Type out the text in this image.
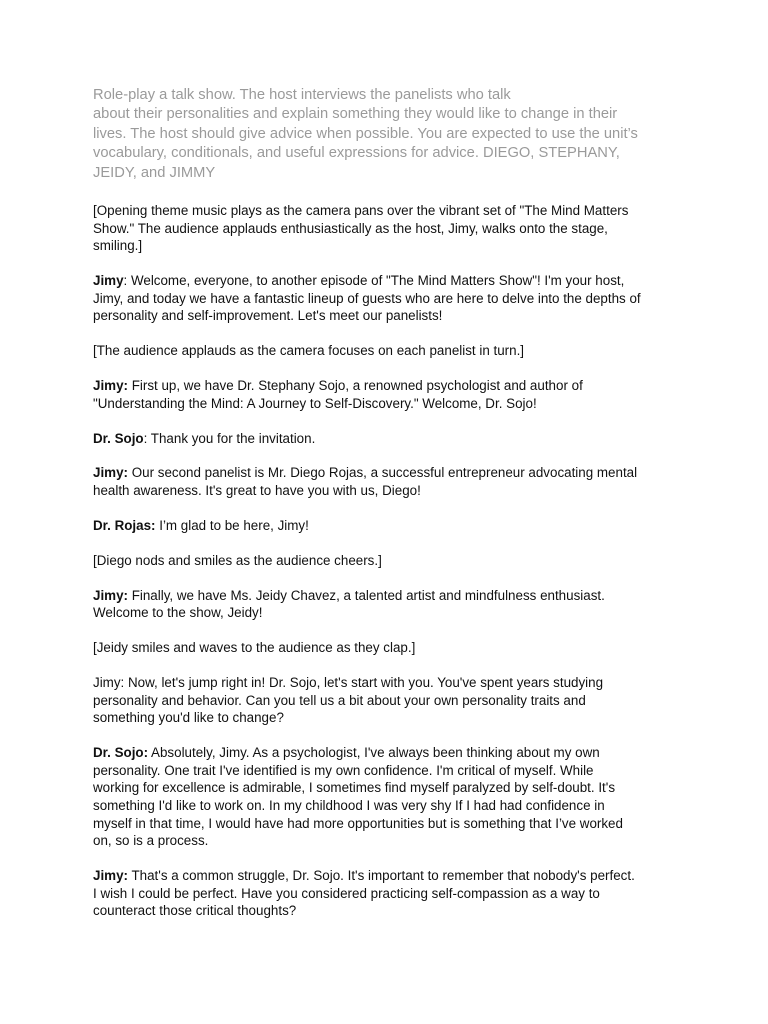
Role-play a talk show. The host interviews the panelists who talk
about their personalities and explain something they would like to change in their
lives. The host should give advice when possible. You are expected to use the unit’s
vocabulary, conditionals, and useful expressions for advice. DIEGO, STEPHANY,
JEIDY, and JIMMY
[Opening theme music plays as the camera pans over the vibrant set of "The Mind Matters
Show." The audience applauds enthusiastically as the host, Jimy, walks onto the stage,
smiling.]
Jimy: Welcome, everyone, to another episode of "The Mind Matters Show"! I'm your host,
Jimy, and today we have a fantastic lineup of guests who are here to delve into the depths of
personality and self-improvement. Let's meet our panelists!
[The audience applauds as the camera focuses on each panelist in turn.]
Jimy: First up, we have Dr. Stephany Sojo, a renowned psychologist and author of
"Understanding the Mind: A Journey to Self-Discovery." Welcome, Dr. Sojo!
Dr. Sojo: Thank you for the invitation.
Jimy: Our second panelist is Mr. Diego Rojas, a successful entrepreneur advocating mental
health awareness. It's great to have you with us, Diego!
Dr. Rojas: I’m glad to be here, Jimy!
[Diego nods and smiles as the audience cheers.]
Jimy: Finally, we have Ms. Jeidy Chavez, a talented artist and mindfulness enthusiast.
Welcome to the show, Jeidy!
[Jeidy smiles and waves to the audience as they clap.]
Jimy: Now, let's jump right in! Dr. Sojo, let's start with you. You've spent years studying
personality and behavior. Can you tell us a bit about your own personality traits and
something you'd like to change?
Dr. Sojo: Absolutely, Jimy. As a psychologist, I've always been thinking about my own
personality. One trait I've identified is my own confidence. I'm critical of myself. While
working for excellence is admirable, I sometimes find myself paralyzed by self-doubt. It's
something I'd like to work on. In my childhood I was very shy If I had had confidence in
myself in that time, I would have had more opportunities but is something that I’ve worked
on, so is a process.
Jimy: That's a common struggle, Dr. Sojo. It's important to remember that nobody's perfect.
I wish I could be perfect. Have you considered practicing self-compassion as a way to
counteract those critical thoughts?
